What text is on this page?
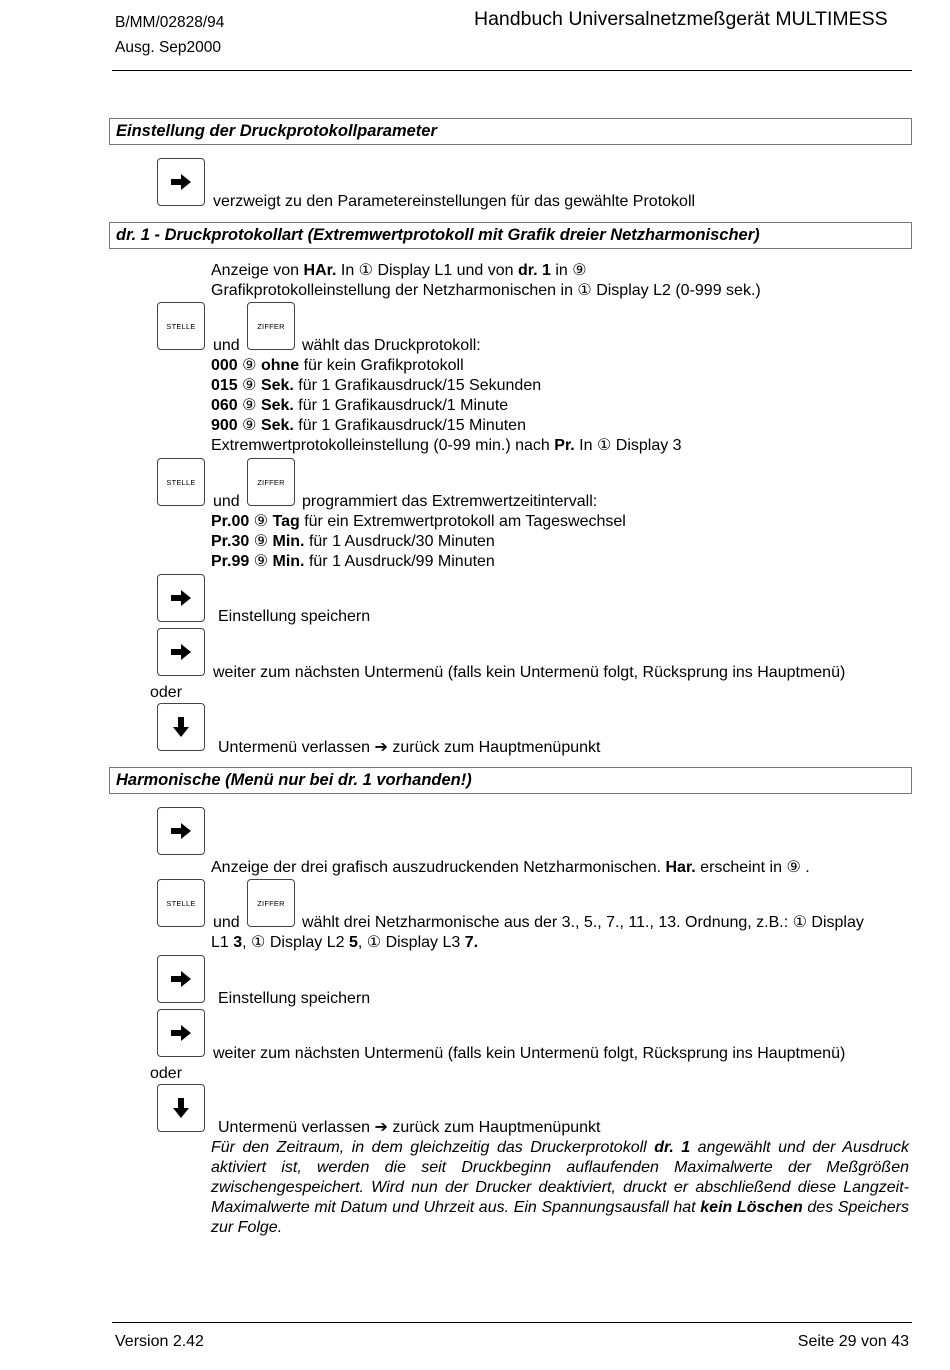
B/MM/02828/94
Ausg. Sep2000
Handbuch Universalnetzmeßgerät MULTIMESS
Einstellung der Druckprotokollparameter
verzweigt zu den Parametereinstellungen für das gewählte Protokoll
dr. 1 - Druckprotokollart (Extremwertprotokoll mit Grafik dreier Netzharmonischer)
Anzeige von HAr. In ① Display L1 und von dr. 1 in ⑨
Grafikprotokolleinstellung der Netzharmonischen in ① Display L2 (0-999 sek.)
STELLE	ZIFFER
und	wählt das Druckprotokoll:
000 ⑨ ohne für kein Grafikprotokoll
015 ⑨ Sek. für 1 Grafikausdruck/15 Sekunden
060 ⑨ Sek. für 1 Grafikausdruck/1 Minute
900 ⑨ Sek. für 1 Grafikausdruck/15 Minuten
Extremwertprotokolleinstellung (0-99 min.) nach Pr. In ① Display 3
STELLE	ZIFFER
und	programmiert das Extremwertzeitintervall:
Pr.00 ⑨ Tag für ein Extremwertprotokoll am Tageswechsel
Pr.30 ⑨ Min. für 1 Ausdruck/30 Minuten
Pr.99 ⑨ Min. für 1 Ausdruck/99 Minuten
Einstellung speichern
weiter zum nächsten Untermenü (falls kein Untermenü folgt, Rücksprung ins Hauptmenü)
oder
Untermenü verlassen ➔ zurück zum Hauptmenüpunkt
Harmonische (Menü nur bei dr. 1 vorhanden!)
Anzeige der drei grafisch auszudruckenden Netzharmonischen. Har. erscheint in ⑨ .
STELLE	ZIFFER
und	wählt drei Netzharmonische aus der 3., 5., 7., 11., 13. Ordnung, z.B.: ① Display
L1 3, ① Display L2 5, ① Display L3 7.
Einstellung speichern
weiter zum nächsten Untermenü (falls kein Untermenü folgt, Rücksprung ins Hauptmenü)
oder
Untermenü verlassen ➔ zurück zum Hauptmenüpunkt
Für den Zeitraum, in dem gleichzeitig das Druckerprotokoll dr. 1 angewählt und der Ausdruck aktiviert ist, werden die seit Druckbeginn auflaufenden Maximalwerte der Meßgrößen zwischengespeichert. Wird nun der Drucker deaktiviert, druckt er abschließend diese Langzeit-Maximalwerte mit Datum und Uhrzeit aus. Ein Spannungsausfall hat kein Löschen des Speichers zur Folge.
Version 2.42	Seite 29 von 43
